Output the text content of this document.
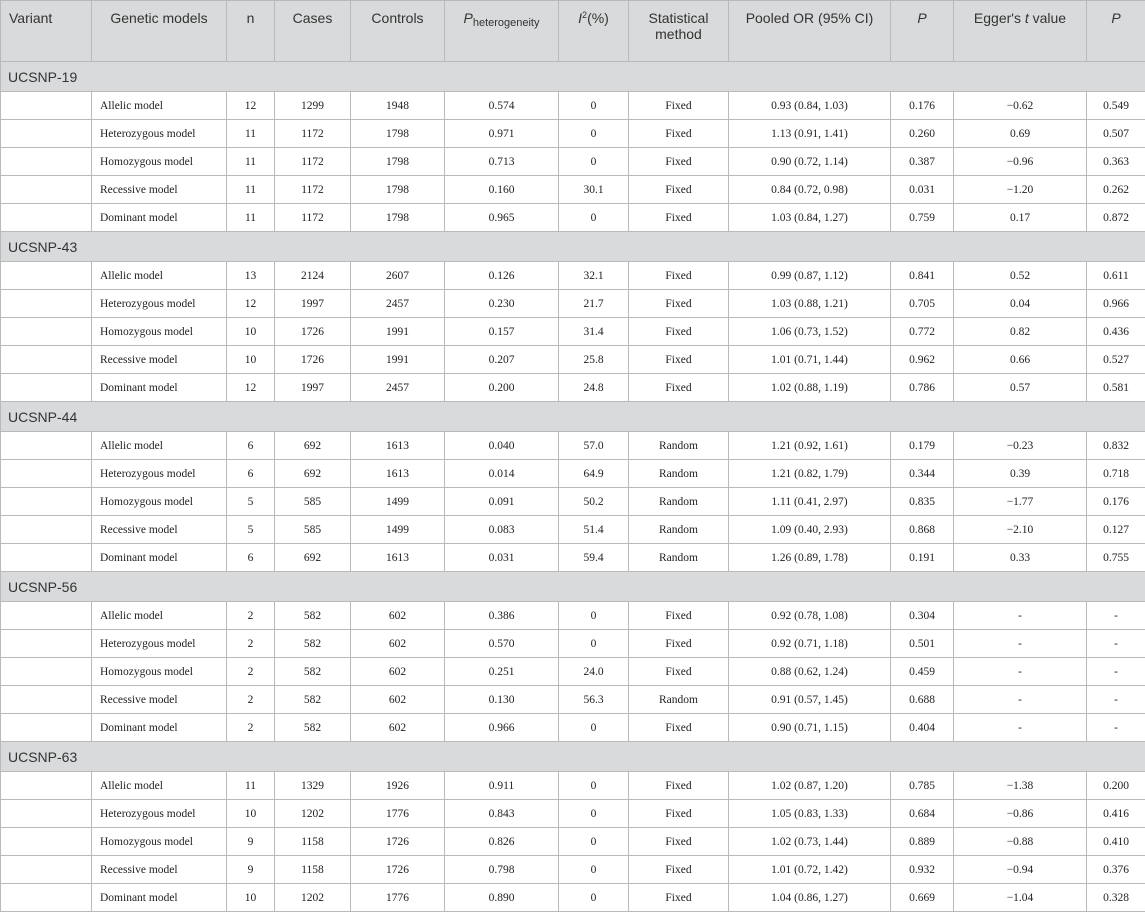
Variant	Genetic models	n	Cases	Controls	$P_{heterogeneity}$	$I^2(\%)$	Statistical method	Pooled OR (95% CI)	P	Egger's t value	P
UCSNP-19											
	Allelic model	12	1299	1948	0.574	0	Fixed	0.93 (0.84, 1.03)	0.176	−0.62	0.549
	Heterozygous model	11	1172	1798	0.971	0	Fixed	1.13 (0.91, 1.41)	0.260	0.69	0.507
	Homozygous model	11	1172	1798	0.713	0	Fixed	0.90 (0.72, 1.14)	0.387	−0.96	0.363
	Recessive model	11	1172	1798	0.160	30.1	Fixed	0.84 (0.72, 0.98)	0.031	−1.20	0.262
	Dominant model	11	1172	1798	0.965	0	Fixed	1.03 (0.84, 1.27)	0.759	0.17	0.872
UCSNP-43											
	Allelic model	13	2124	2607	0.126	32.1	Fixed	0.99 (0.87, 1.12)	0.841	0.52	0.611
	Heterozygous model	12	1997	2457	0.230	21.7	Fixed	1.03 (0.88, 1.21)	0.705	0.04	0.966
	Homozygous model	10	1726	1991	0.157	31.4	Fixed	1.06 (0.73, 1.52)	0.772	0.82	0.436
	Recessive model	10	1726	1991	0.207	25.8	Fixed	1.01 (0.71, 1.44)	0.962	0.66	0.527
	Dominant model	12	1997	2457	0.200	24.8	Fixed	1.02 (0.88, 1.19)	0.786	0.57	0.581
UCSNP-44											
	Allelic model	6	692	1613	0.040	57.0	Random	1.21 (0.92, 1.61)	0.179	−0.23	0.832
	Heterozygous model	6	692	1613	0.014	64.9	Random	1.21 (0.82, 1.79)	0.344	0.39	0.718
	Homozygous model	5	585	1499	0.091	50.2	Random	1.11 (0.41, 2.97)	0.835	−1.77	0.176
	Recessive model	5	585	1499	0.083	51.4	Random	1.09 (0.40, 2.93)	0.868	−2.10	0.127
	Dominant model	6	692	1613	0.031	59.4	Random	1.26 (0.89, 1.78)	0.191	0.33	0.755
UCSNP-56											
	Allelic model	2	582	602	0.386	0	Fixed	0.92 (0.78, 1.08)	0.304	-	-
	Heterozygous model	2	582	602	0.570	0	Fixed	0.92 (0.71, 1.18)	0.501	-	-
	Homozygous model	2	582	602	0.251	24.0	Fixed	0.88 (0.62, 1.24)	0.459	-	-
	Recessive model	2	582	602	0.130	56.3	Random	0.91 (0.57, 1.45)	0.688	-	-
	Dominant model	2	582	602	0.966	0	Fixed	0.90 (0.71, 1.15)	0.404	-	-
UCSNP-63											
	Allelic model	11	1329	1926	0.911	0	Fixed	1.02 (0.87, 1.20)	0.785	−1.38	0.200
	Heterozygous model	10	1202	1776	0.843	0	Fixed	1.05 (0.83, 1.33)	0.684	−0.86	0.416
	Homozygous model	9	1158	1726	0.826	0	Fixed	1.02 (0.73, 1.44)	0.889	−0.88	0.410
	Recessive model	9	1158	1726	0.798	0	Fixed	1.01 (0.72, 1.42)	0.932	−0.94	0.376
	Dominant model	10	1202	1776	0.890	0	Fixed	1.04 (0.86, 1.27)	0.669	−1.04	0.328
